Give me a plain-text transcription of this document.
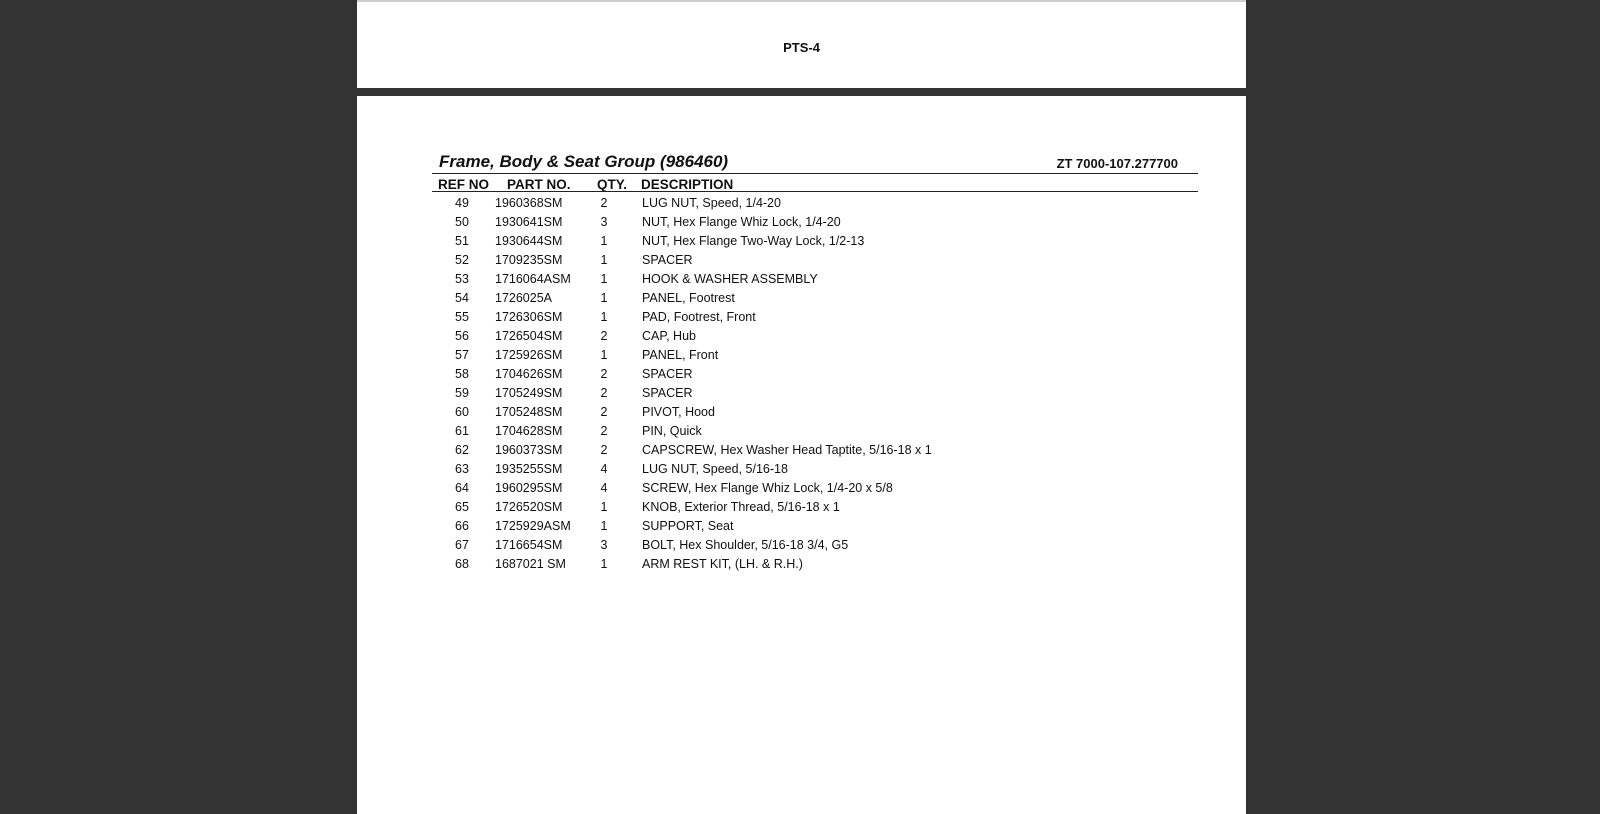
PTS-4
Frame, Body & Seat Group (986460)	ZT 7000-107.277700
REF NO PART NO. QTY. DESCRIPTION
49	1960368SM	2	LUG NUT, Speed, 1/4-20
50	1930641SM	3	NUT, Hex Flange Whiz Lock, 1/4-20
51	1930644SM	1	NUT, Hex Flange Two-Way Lock, 1/2-13
52	1709235SM	1	SPACER
53	1716064ASM 1	HOOK & WASHER ASSEMBLY
54	1726025A	1	PANEL, Footrest
55	1726306SM	1	PAD, Footrest, Front
56	1726504SM	2	CAP, Hub
57	1725926SM	1	PANEL, Front
58	1704626SM	2	SPACER
59	1705249SM	2	SPACER
60	1705248SM	2	PIVOT, Hood
61	1704628SM	2	PIN, Quick
62	1960373SM	2	CAPSCREW, Hex Washer Head Taptite, 5/16-18 x 1
63	1935255SM	4	LUG NUT, Speed, 5/16-18
64	1960295SM	4	SCREW, Hex Flange Whiz Lock, 1/4-20 x 5/8
65	1726520SM	1	KNOB, Exterior Thread, 5/16-18 x 1
66	1725929ASM 1	SUPPORT, Seat
67	1716654SM	3	BOLT, Hex Shoulder, 5/16-18 3/4, G5
68	1687021 SM	1	ARM REST KIT, (LH. & R.H.)
